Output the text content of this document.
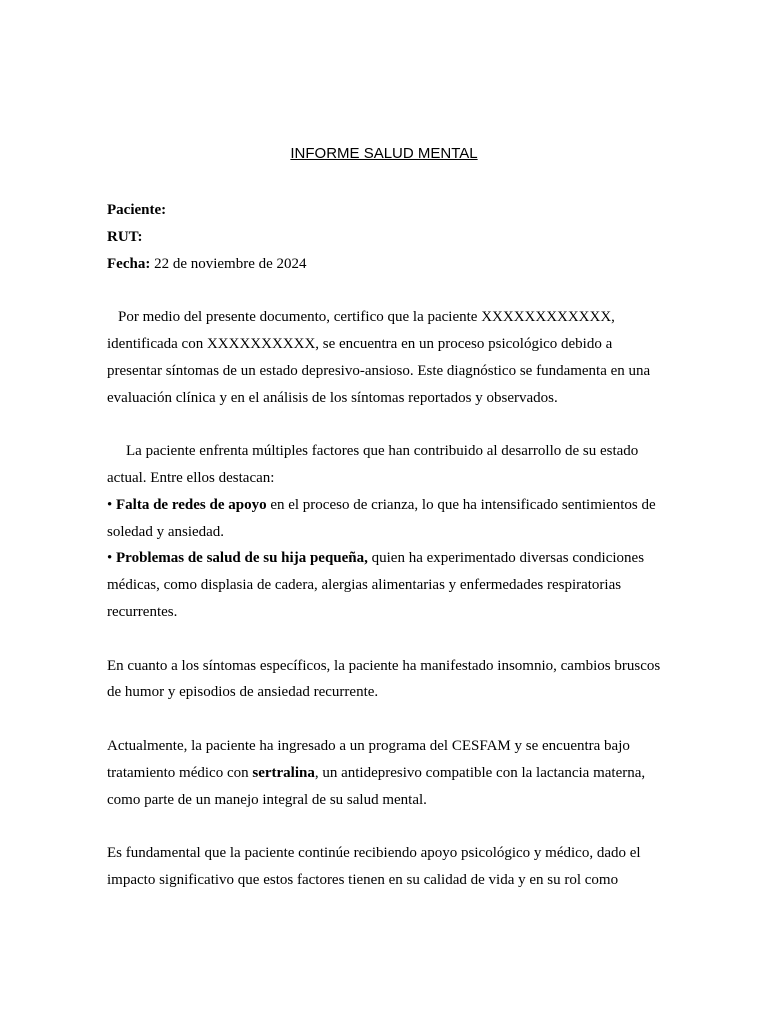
INFORME SALUD MENTAL

Paciente:

RUT:

Fecha: 22 de noviembre de 2024

Por medio del presente documento, certifico que la paciente XXXXXXXXXXXX, identificada con XXXXXXXXXX, se encuentra en un proceso psicológico debido a presentar síntomas de un estado depresivo-ansioso. Este diagnóstico se fundamenta en una evaluación clínica y en el análisis de los síntomas reportados y observados.

La paciente enfrenta múltiples factores que han contribuido al desarrollo de su estado actual. Entre ellos destacan:

• Falta de redes de apoyo en el proceso de crianza, lo que ha intensificado sentimientos de soledad y ansiedad.

• Problemas de salud de su hija pequeña, quien ha experimentado diversas condiciones médicas, como displasia de cadera, alergias alimentarias y enfermedades respiratorias recurrentes.

En cuanto a los síntomas específicos, la paciente ha manifestado insomnio, cambios bruscos de humor y episodios de ansiedad recurrente.

Actualmente, la paciente ha ingresado a un programa del CESFAM y se encuentra bajo tratamiento médico con sertralina, un antidepresivo compatible con la lactancia materna, como parte de un manejo integral de su salud mental.

Es fundamental que la paciente continúe recibiendo apoyo psicológico y médico, dado el impacto significativo que estos factores tienen en su calidad de vida y en su rol como
